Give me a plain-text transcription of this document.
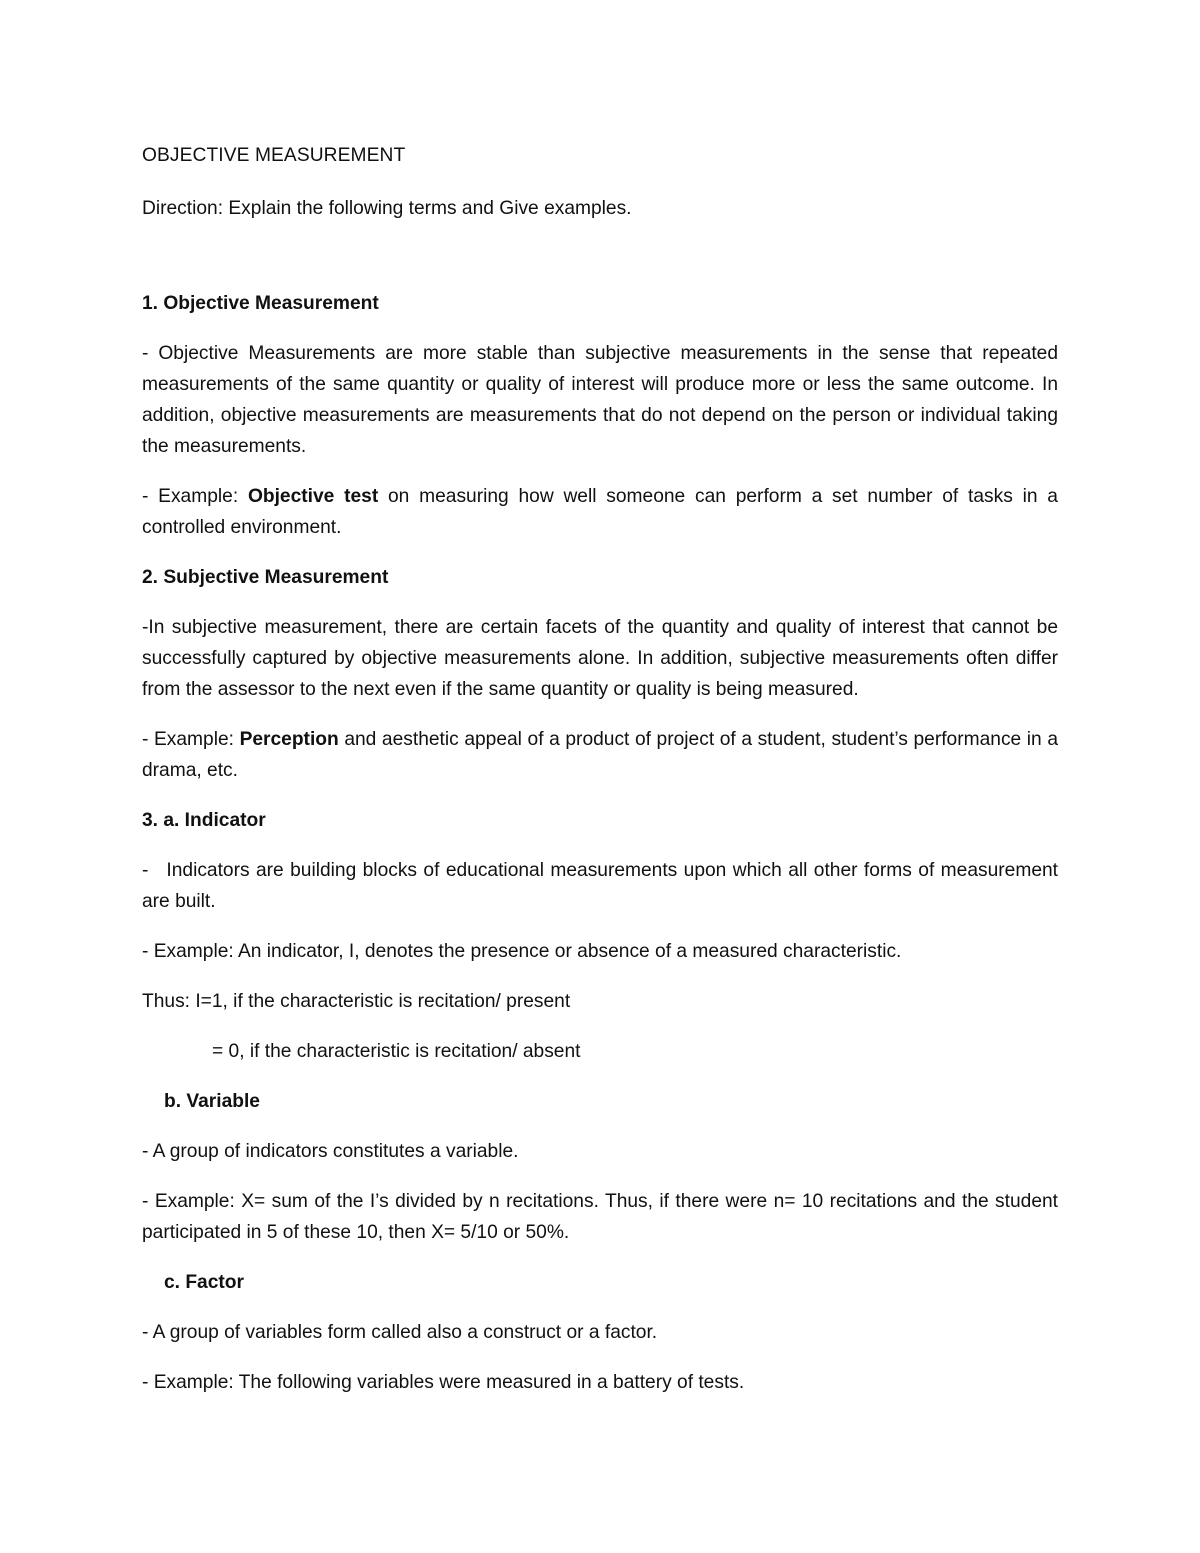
OBJECTIVE MEASUREMENT

Direction: Explain the following terms and Give examples.

1. Objective Measurement

- Objective Measurements are more stable than subjective measurements in the sense that repeated measurements of the same quantity or quality of interest will produce more or less the same outcome. In addition, objective measurements are measurements that do not depend on the person or individual taking the measurements.

- Example: Objective test on measuring how well someone can perform a set number of tasks in a controlled environment.

2. Subjective Measurement

-In subjective measurement, there are certain facets of the quantity and quality of interest that cannot be successfully captured by objective measurements alone. In addition, subjective measurements often differ from the assessor to the next even if the same quantity or quality is being measured.

- Example: Perception and aesthetic appeal of a product of project of a student, student’s performance in a drama, etc.

3. a. Indicator

- Indicators are building blocks of educational measurements upon which all other forms of measurement are built.

- Example: An indicator, I, denotes the presence or absence of a measured characteristic.

Thus: I=1, if the characteristic is recitation/ present

= 0, if the characteristic is recitation/ absent

b. Variable

- A group of indicators constitutes a variable.

- Example: X= sum of the I’s divided by n recitations. Thus, if there were n= 10 recitations and the student participated in 5 of these 10, then X= 5/10 or 50%.

c. Factor

- A group of variables form called also a construct or a factor.

- Example: The following variables were measured in a battery of tests.
